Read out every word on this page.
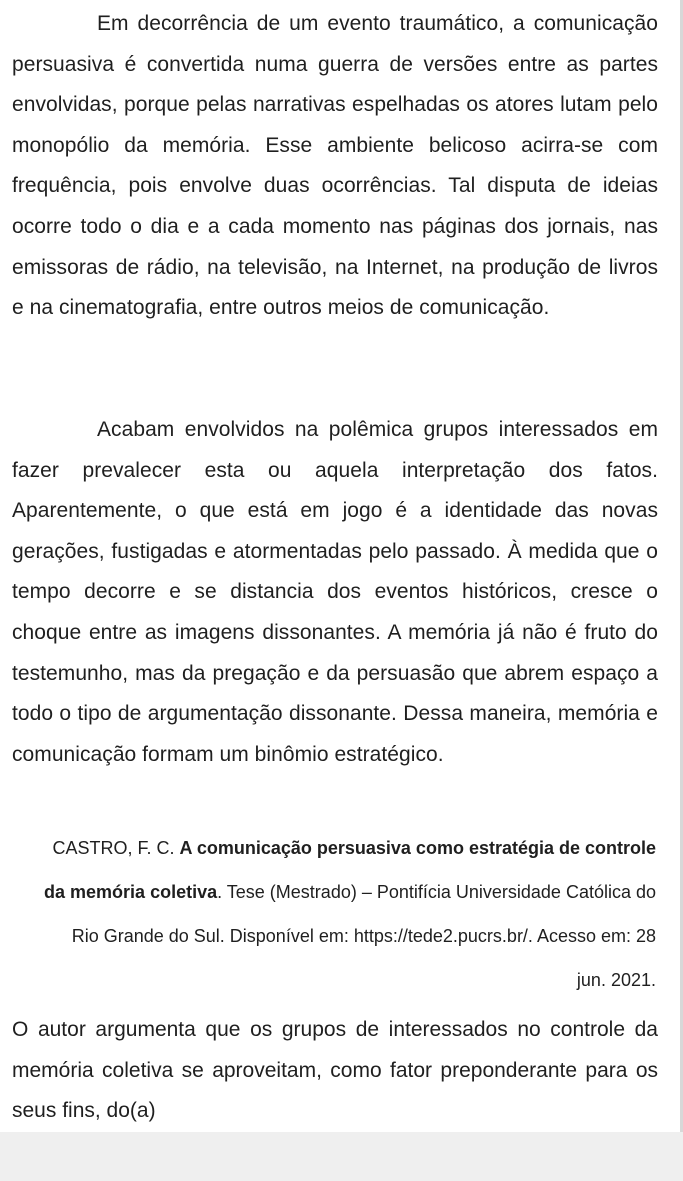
Em decorrência de um evento traumático, a comunicação persuasiva é convertida numa guerra de versões entre as partes envolvidas, porque pelas narrativas espelhadas os atores lutam pelo monopólio da memória. Esse ambiente belicoso acirra-se com frequência, pois envolve duas ocorrências. Tal disputa de ideias ocorre todo o dia e a cada momento nas páginas dos jornais, nas emissoras de rádio, na televisão, na Internet, na produção de livros e na cinematografia, entre outros meios de comunicação.

Acabam envolvidos na polêmica grupos interessados em fazer prevalecer esta ou aquela interpretação dos fatos. Aparentemente, o que está em jogo é a identidade das novas gerações, fustigadas e atormentadas pelo passado. À medida que o tempo decorre e se distancia dos eventos históricos, cresce o choque entre as imagens dissonantes. A memória já não é fruto do testemunho, mas da pregação e da persuasão que abrem espaço a todo o tipo de argumentação dissonante. Dessa maneira, memória e comunicação formam um binômio estratégico.

CASTRO, F. C. A comunicação persuasiva como estratégia de controle da memória coletiva. Tese (Mestrado) – Pontifícia Universidade Católica do Rio Grande do Sul. Disponível em: https://tede2.pucrs.br/. Acesso em: 28 jun. 2021.

O autor argumenta que os grupos de interessados no controle da memória coletiva se aproveitam, como fator preponderante para os seus fins, do(a)
